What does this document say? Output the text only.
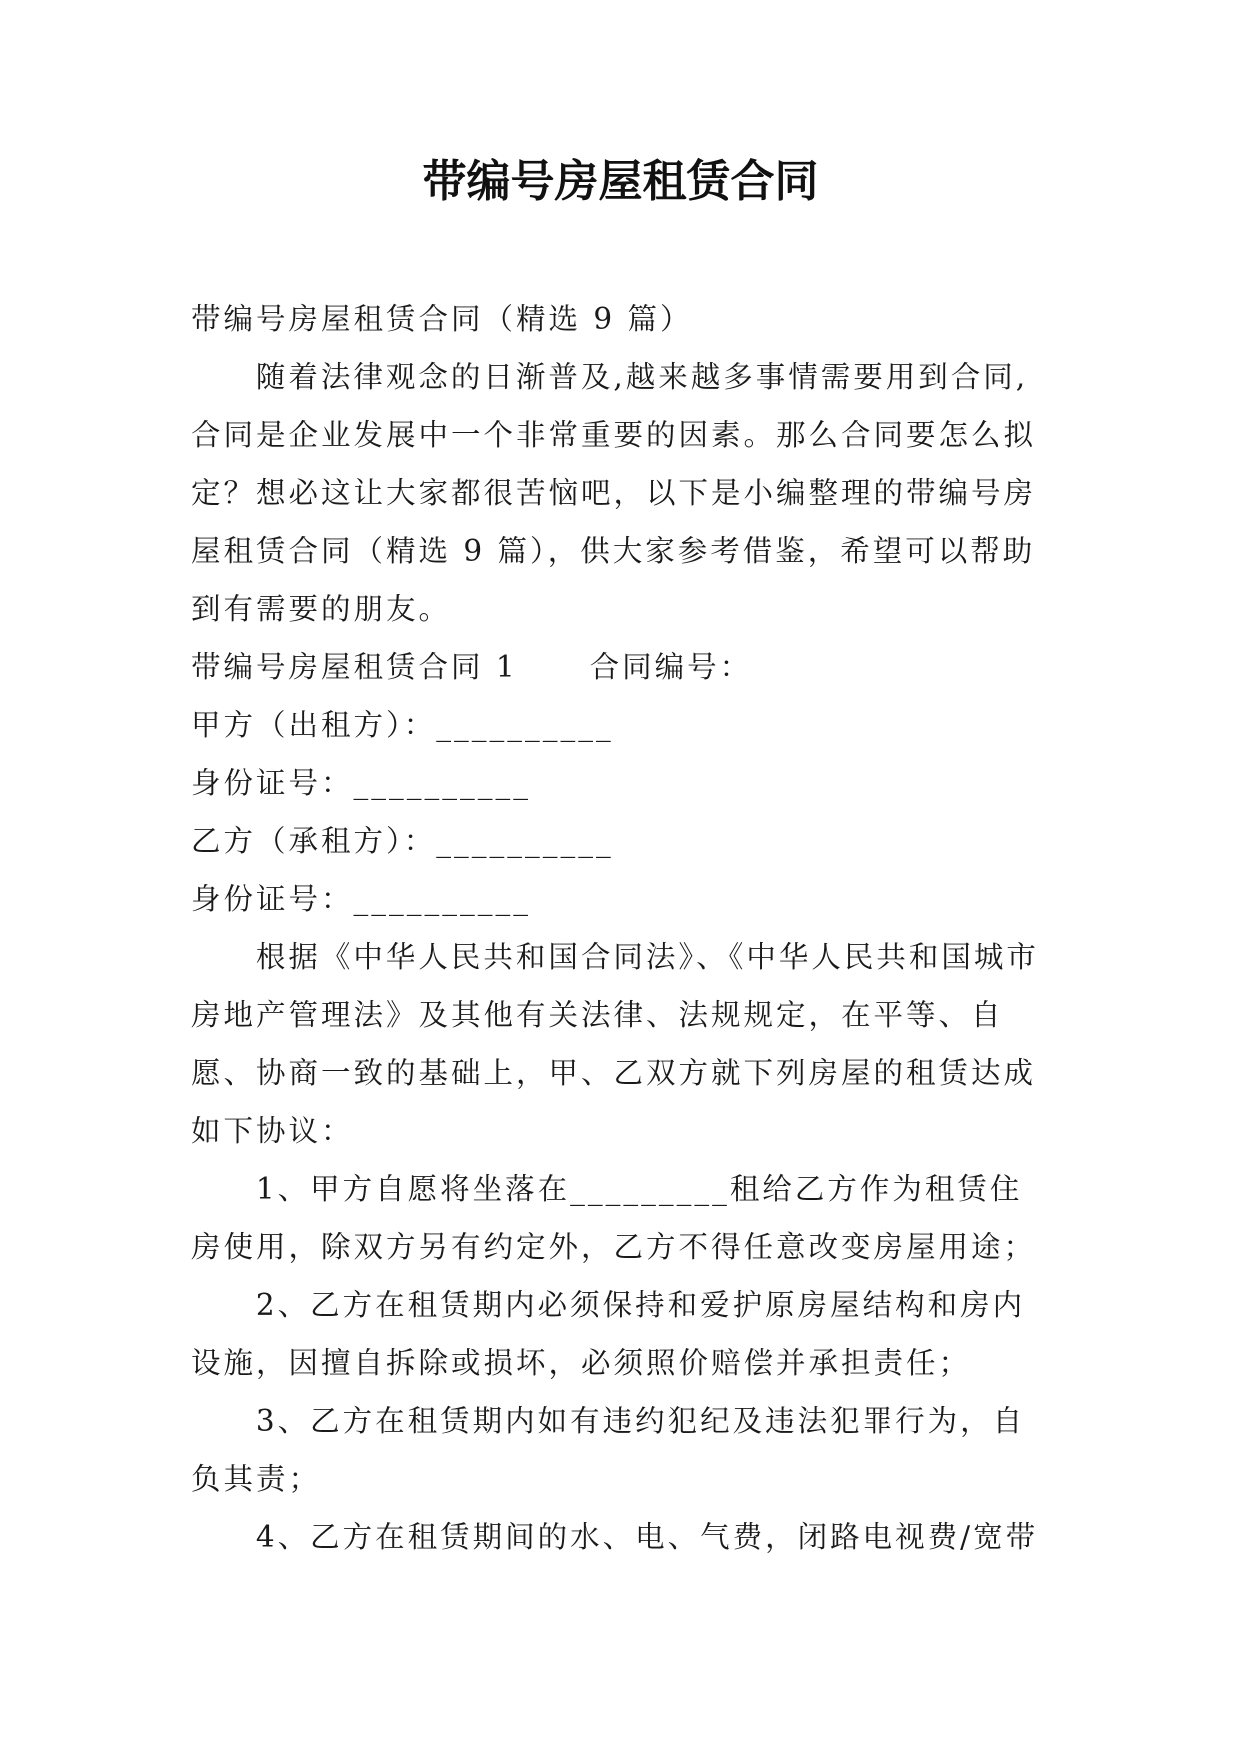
带编号房屋租赁合同

带编号房屋租赁合同（精选 9 篇）

随着法律观念的日渐普及,越来越多事情需要用到合同,合同是企业发展中一个非常重要的因素。那么合同要怎么拟定？想必这让大家都很苦恼吧，以下是小编整理的带编号房屋租赁合同（精选 9 篇），供大家参考借鉴，希望可以帮助到有需要的朋友。

带编号房屋租赁合同 1 合同编号：

甲方（出租方）：__________

身份证号：__________

乙方（承租方）：__________

身份证号：__________

根据《中华人民共和国合同法》、《中华人民共和国城市房地产管理法》及其他有关法律、法规规定，在平等、自愿、协商一致的基础上，甲、乙双方就下列房屋的租赁达成如下协议：

1、甲方自愿将坐落在_________租给乙方作为租赁住房使用，除双方另有约定外，乙方不得任意改变房屋用途；

2、乙方在租赁期内必须保持和爱护原房屋结构和房内设施，因擅自拆除或损坏，必须照价赔偿并承担责任；

3、乙方在租赁期内如有违约犯纪及违法犯罪行为，自负其责；

4、乙方在租赁期间的水、电、气费，闭路电视费/宽带
